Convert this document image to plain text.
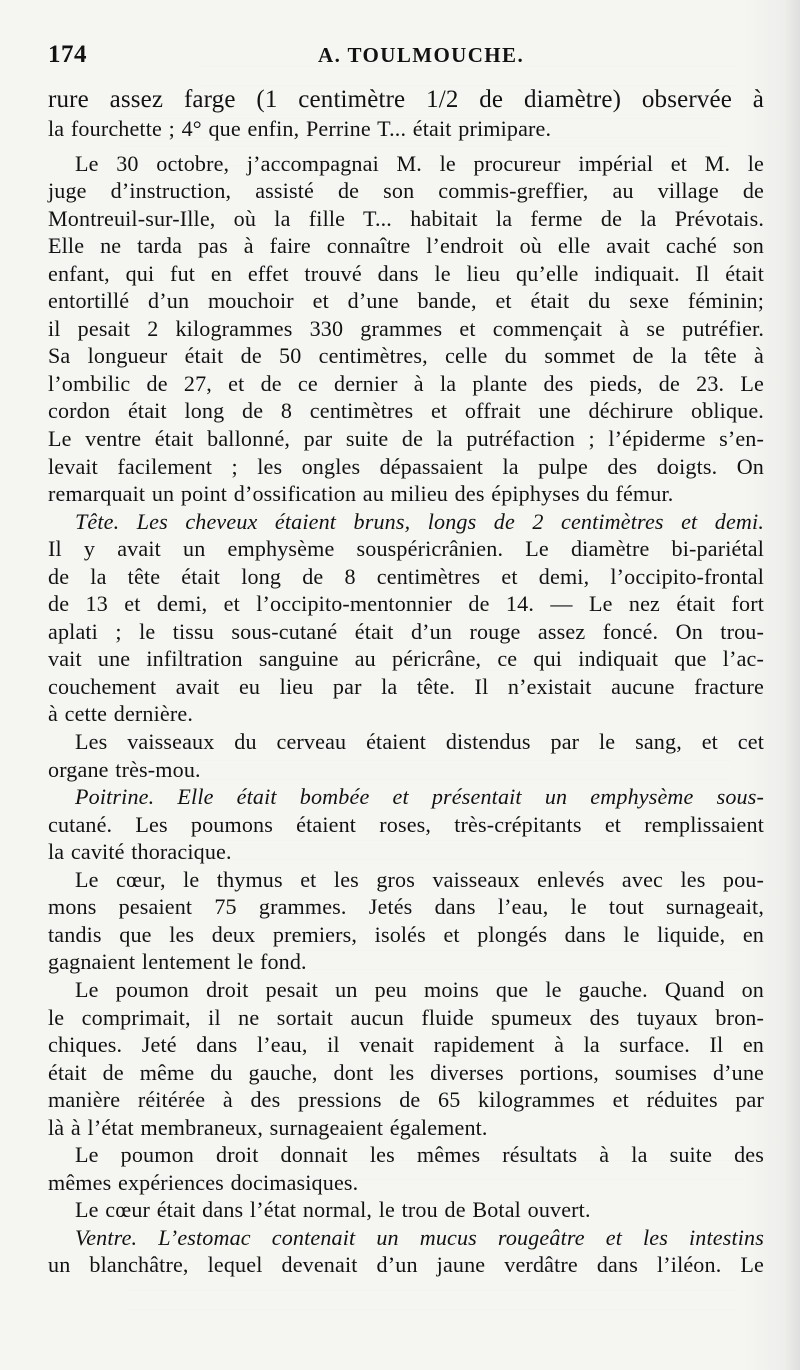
174	A. TOULMOUCHE.
rure assez farge (1 centimètre 1/2 de diamètre) observée à
la fourchette ; 4° que enfin, Perrine T... était primipare.
Le 30 octobre, j’accompagnai M. le procureur impérial et M. le
juge d’instruction, assisté de son commis-greffier, au village de
Montreuil-sur-Ille, où la fille T... habitait la ferme de la Prévotais.
Elle ne tarda pas à faire connaître l’endroit où elle avait caché son
enfant, qui fut en effet trouvé dans le lieu qu’elle indiquait. Il était
entortillé d’un mouchoir et d’une bande, et était du sexe féminin;
il pesait 2 kilogrammes 330 grammes et commençait à se putréfier.
Sa longueur était de 50 centimètres, celle du sommet de la tête à
l’ombilic de 27, et de ce dernier à la plante des pieds, de 23. Le
cordon était long de 8 centimètres et offrait une déchirure oblique.
Le ventre était ballonné, par suite de la putréfaction ; l’épiderme s’en-
levait facilement ; les ongles dépassaient la pulpe des doigts. On
remarquait un point d’ossification au milieu des épiphyses du fémur.
Tête. Les cheveux étaient bruns, longs de 2 centimètres et demi.
Il y avait un emphysème souspéricrânien. Le diamètre bi-pariétal
de la tête était long de 8 centimètres et demi, l’occipito-frontal
de 13 et demi, et l’occipito-mentonnier de 14. — Le nez était fort
aplati ; le tissu sous-cutané était d’un rouge assez foncé. On trou-
vait une infiltration sanguine au péricrâne, ce qui indiquait que l’ac-
couchement avait eu lieu par la tête. Il n’existait aucune fracture
à cette dernière.
Les vaisseaux du cerveau étaient distendus par le sang, et cet
organe très-mou.
Poitrine. Elle était bombée et présentait un emphysème sous-
cutané. Les poumons étaient roses, très-crépitants et remplissaient
la cavité thoracique.
Le cœur, le thymus et les gros vaisseaux enlevés avec les pou-
mons pesaient 75 grammes. Jetés dans l’eau, le tout surnageait,
tandis que les deux premiers, isolés et plongés dans le liquide, en
gagnaient lentement le fond.
Le poumon droit pesait un peu moins que le gauche. Quand on
le comprimait, il ne sortait aucun fluide spumeux des tuyaux bron-
chiques. Jeté dans l’eau, il venait rapidement à la surface. Il en
était de même du gauche, dont les diverses portions, soumises d’une
manière réitérée à des pressions de 65 kilogrammes et réduites par
là à l’état membraneux, surnageaient également.
Le poumon droit donnait les mêmes résultats à la suite des
mêmes expériences docimasiques.
Le cœur était dans l’état normal, le trou de Botal ouvert.
Ventre. L’estomac contenait un mucus rougeâtre et les intestins
un blanchâtre, lequel devenait d’un jaune verdâtre dans l’iléon. Le
